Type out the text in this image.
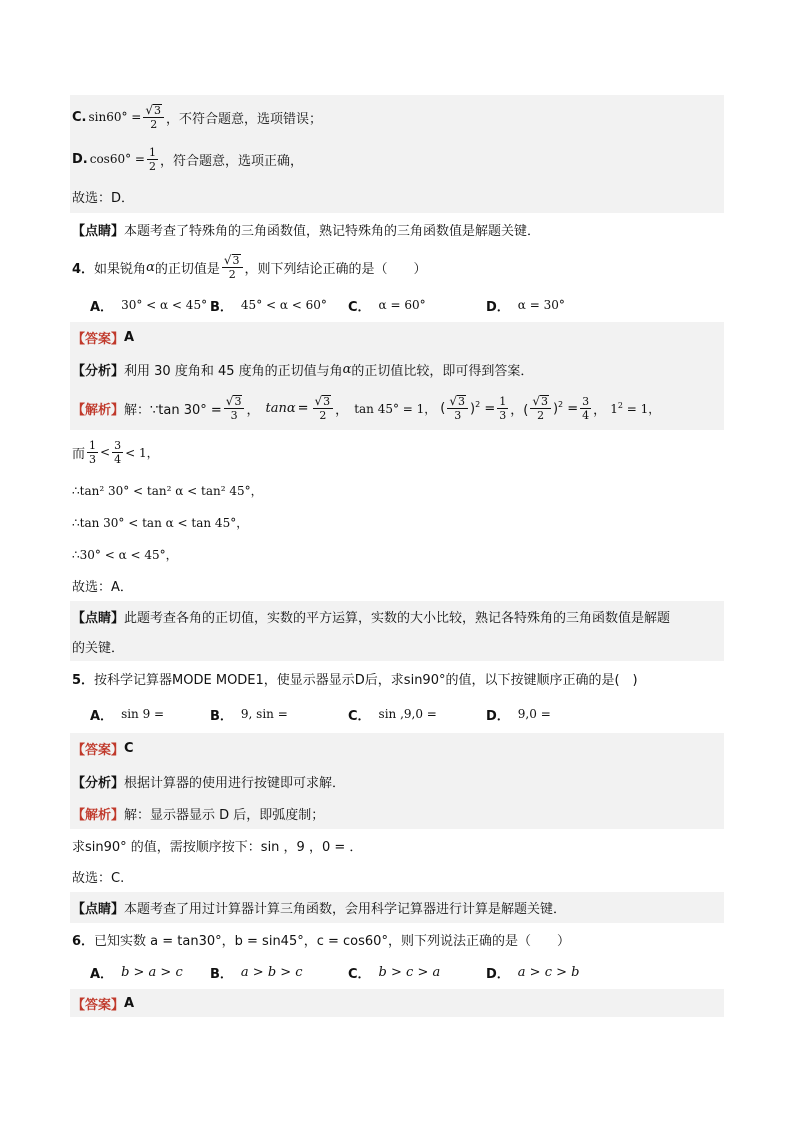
C. $\sin 60^\circ = \frac{√ 3}{2}$ ，不符合题意，选项错误；
D. $\cos 60^\circ = \frac{1}{2}$ ，符合题意，选项正确，
故选：D．
【点睛】 本题考查了特殊角的三角函数值，熟记特殊角的三角函数值是解题关键．
4． 如果锐角 α 的正切值是 $\frac{√ 3}{2}$ ，则下列结论正确的是（　　）
A． 30° < α < 45° B． 45° < α < 60° C． α = 60°	D． α = 30°
【答案】 A
【分析】 利用 30 度角和 45 度角的正切值与角 α 的正切值比较，即可得到答案．
【解析】 解：∵tan $30^\circ = \frac{√ 3}{3}$ ， $\tan\alpha = \frac{√ 3}{2}$ ， tan 45° = 1， ( $\frac{√ 3}{3} )^2 = \frac{1}{3}$ ，( $\frac{√ 3}{2} )^2 = \frac{3}{4}$ ， $1^2 = 1$，
而 $\frac{1}{3} < \frac{3}{4} < 1$，
∴tan² 30° < tan² α < tan² 45°，
∴tan 30° < tan α < tan 45°，
∴30° < α < 45°，
故选：A．
【点睛】 此题考查各角的正切值，实数的平方运算，实数的大小比较，熟记各特殊角的三角函数值是解题
的关键．
5． 按科学记算器MODE MODE1，使显示器显示D后，求sin90°的值，以下按键顺序正确的是(　)
A． sin 9 =	B． 9, sin =	C． sin ,9,0 =	D． 9,0 =
【答案】 C
【分析】 根据计算器的使用进行按键即可求解．
【解析】 解：显示器显示 D 后，即弧度制；
求sin90° 的值，需按顺序按下：sin ，9 ，0 = ．
故选：C.
【点睛】 本题考查了用过计算器计算三角函数，会用科学记算器进行计算是解题关键．
6． 已知实数 a = tan30°，b = sin45°，c = cos60°，则下列说法正确的是（　　）
A． b > a > c B． a > b > c	C． b > c > a	D． a > c > b
【答案】 A
